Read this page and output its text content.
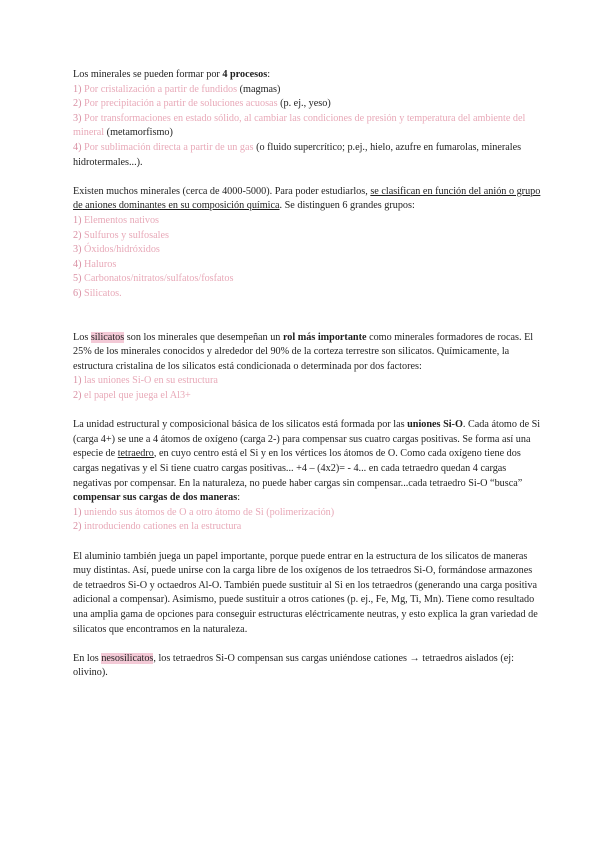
Los minerales se pueden formar por 4 procesos:

1) Por cristalización a partir de fundidos (magmas)

2) Por precipitación a partir de soluciones acuosas (p. ej., yeso)

3) Por transformaciones en estado sólido, al cambiar las condiciones de presión y temperatura del ambiente del mineral (metamorfismo)

4) Por sublimación directa a partir de un gas (o fluido supercrítico; p.ej., hielo, azufre en fumarolas, minerales hidrotermales...).

Existen muchos minerales (cerca de 4000-5000). Para poder estudiarlos, se clasifican en función del anión o grupo de aniones dominantes en su composición química. Se distinguen 6 grandes grupos:

1) Elementos nativos

2) Sulfuros y sulfosales

3) Óxidos/hidróxidos

4) Haluros

5) Carbonatos/nitratos/sulfatos/fosfatos

6) Silicatos.

Los silicatos son los minerales que desempeñan un rol más importante como minerales formadores de rocas. El 25% de los minerales conocidos y alrededor del 90% de la corteza terrestre son silicatos. Químicamente, la estructura cristalina de los silicatos está condicionada o determinada por dos factores:

1) las uniones Si-O en su estructura

2) el papel que juega el Al3+

La unidad estructural y composicional básica de los silicatos está formada por las uniones Si-O. Cada átomo de Si (carga 4+) se une a 4 átomos de oxígeno (carga 2-) para compensar sus cuatro cargas positivas. Se forma así una especie de tetraedro, en cuyo centro está el Si y en los vértices los átomos de O. Como cada oxígeno tiene dos cargas negativas y el Si tiene cuatro cargas positivas... +4 – (4x2)= - 4... en cada tetraedro quedan 4 cargas negativas por compensar. En la naturaleza, no puede haber cargas sin compensar...cada tetraedro Si-O “busca” compensar sus cargas de dos maneras:

1) uniendo sus átomos de O a otro átomo de Si (polimerización)

2) introduciendo cationes en la estructura

El aluminio también juega un papel importante, porque puede entrar en la estructura de los silicatos de maneras muy distintas. Así, puede unirse con la carga libre de los oxígenos de los tetraedros Si-O, formándose armazones de tetraedros Si-O y octaedros Al-O. También puede sustituir al Si en los tetraedros (generando una carga positiva adicional a compensar). Asimismo, puede sustituir a otros cationes (p. ej., Fe, Mg, Ti, Mn). Tiene como resultado una amplia gama de opciones para conseguir estructuras eléctricamente neutras, y esto explica la gran variedad de silicatos que encontramos en la naturaleza.

En los nesosilicatos, los tetraedros Si-O compensan sus cargas uniéndose cationes → tetraedros aislados (ej: olivino).
